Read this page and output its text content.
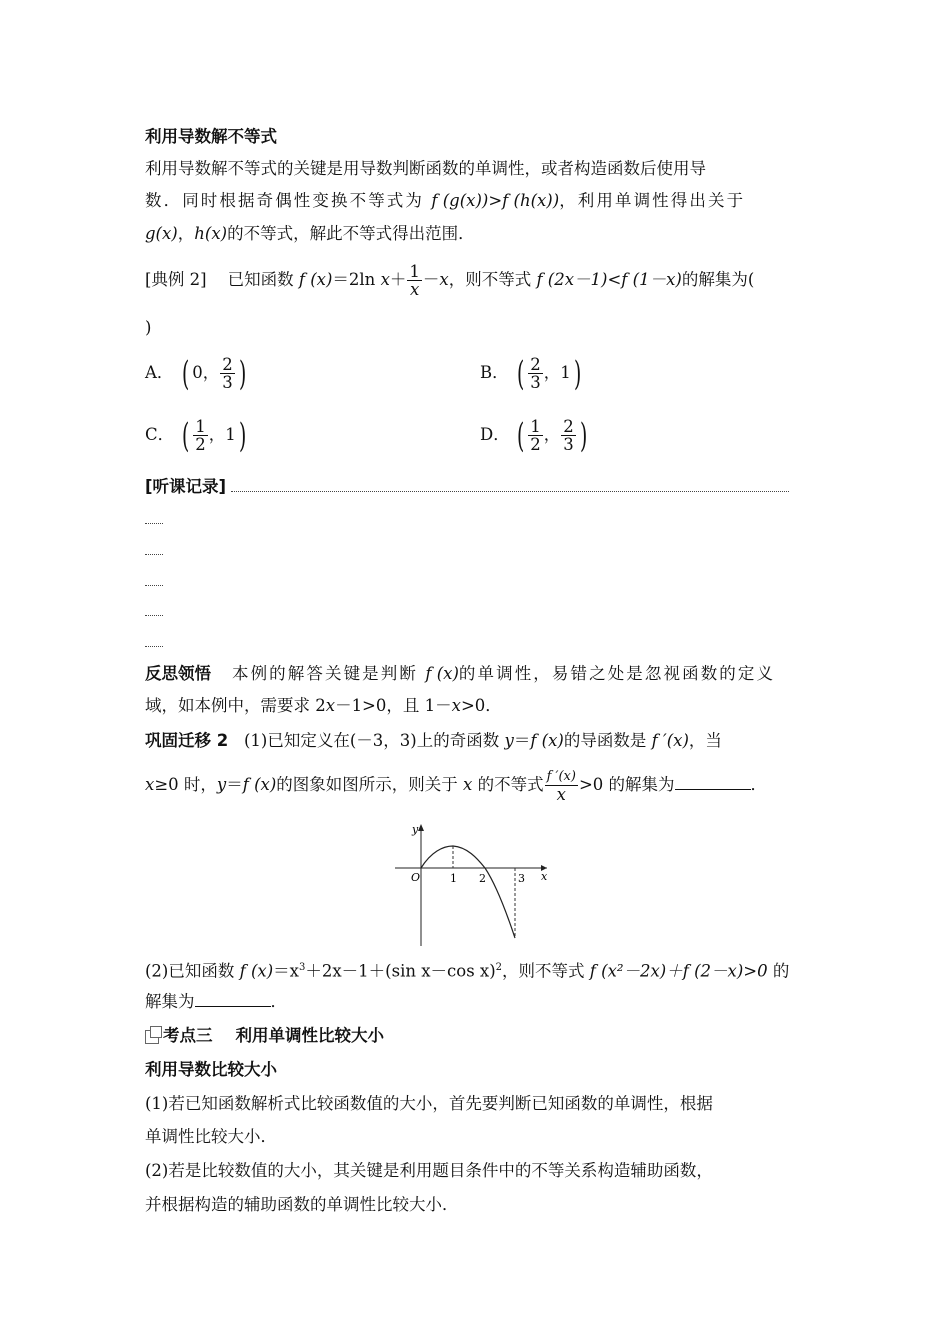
利用导数解不等式
利用导数解不等式的关键是用导数判断函数的单调性，或者构造函数后使用导
数．同时根据奇偶性变换不等式为 f (g(x))>f (h(x))，利用单调性得出关于
g(x)，h(x)的不等式，解此不等式得出范围．
[典例 2] 已知函数 f (x)＝2ln $x+ \frac{1}{x} -x$，则不等式 f (2x－1)<f (1－x)的解集为(
)
A． ( 0， $\frac{2}{3}$ )	B． ( $\frac{2}{3}$ ，1)
C． ( $\frac{1}{2}$ ，1)	D． ( $\frac{1}{2}$ ， $\frac{2}{3}$ )
[听课记录]
反思领悟 本例的解答关键是判断 f (x)的单调性，易错之处是忽视函数的定义
域，如本例中，需要求 2x－1>0，且 1－x>0．
巩固迁移 2 (1)已知定义在(－3，3)上的奇函数 y＝f (x)的导函数是 f ′(x)，当
x≥0 时，y＝f (x)的图象如图所示，则关于 x 的不等式 $\frac{f '(x)}{x} >0$ 的解集为	．
y
x
O	1 2	3
(2)已知函数 f $(x)=x^3+2x-1+(\sin$ x－cos x)$^2$，则不等式 f (x²－2x)＋f (2－x)>0 的
解集为	．
考点三 利用单调性比较大小
利用导数比较大小
(1)若已知函数解析式比较函数值的大小，首先要判断已知函数的单调性，根据
单调性比较大小．
(2)若是比较数值的大小，其关键是利用题目条件中的不等关系构造辅助函数，
并根据构造的辅助函数的单调性比较大小．
